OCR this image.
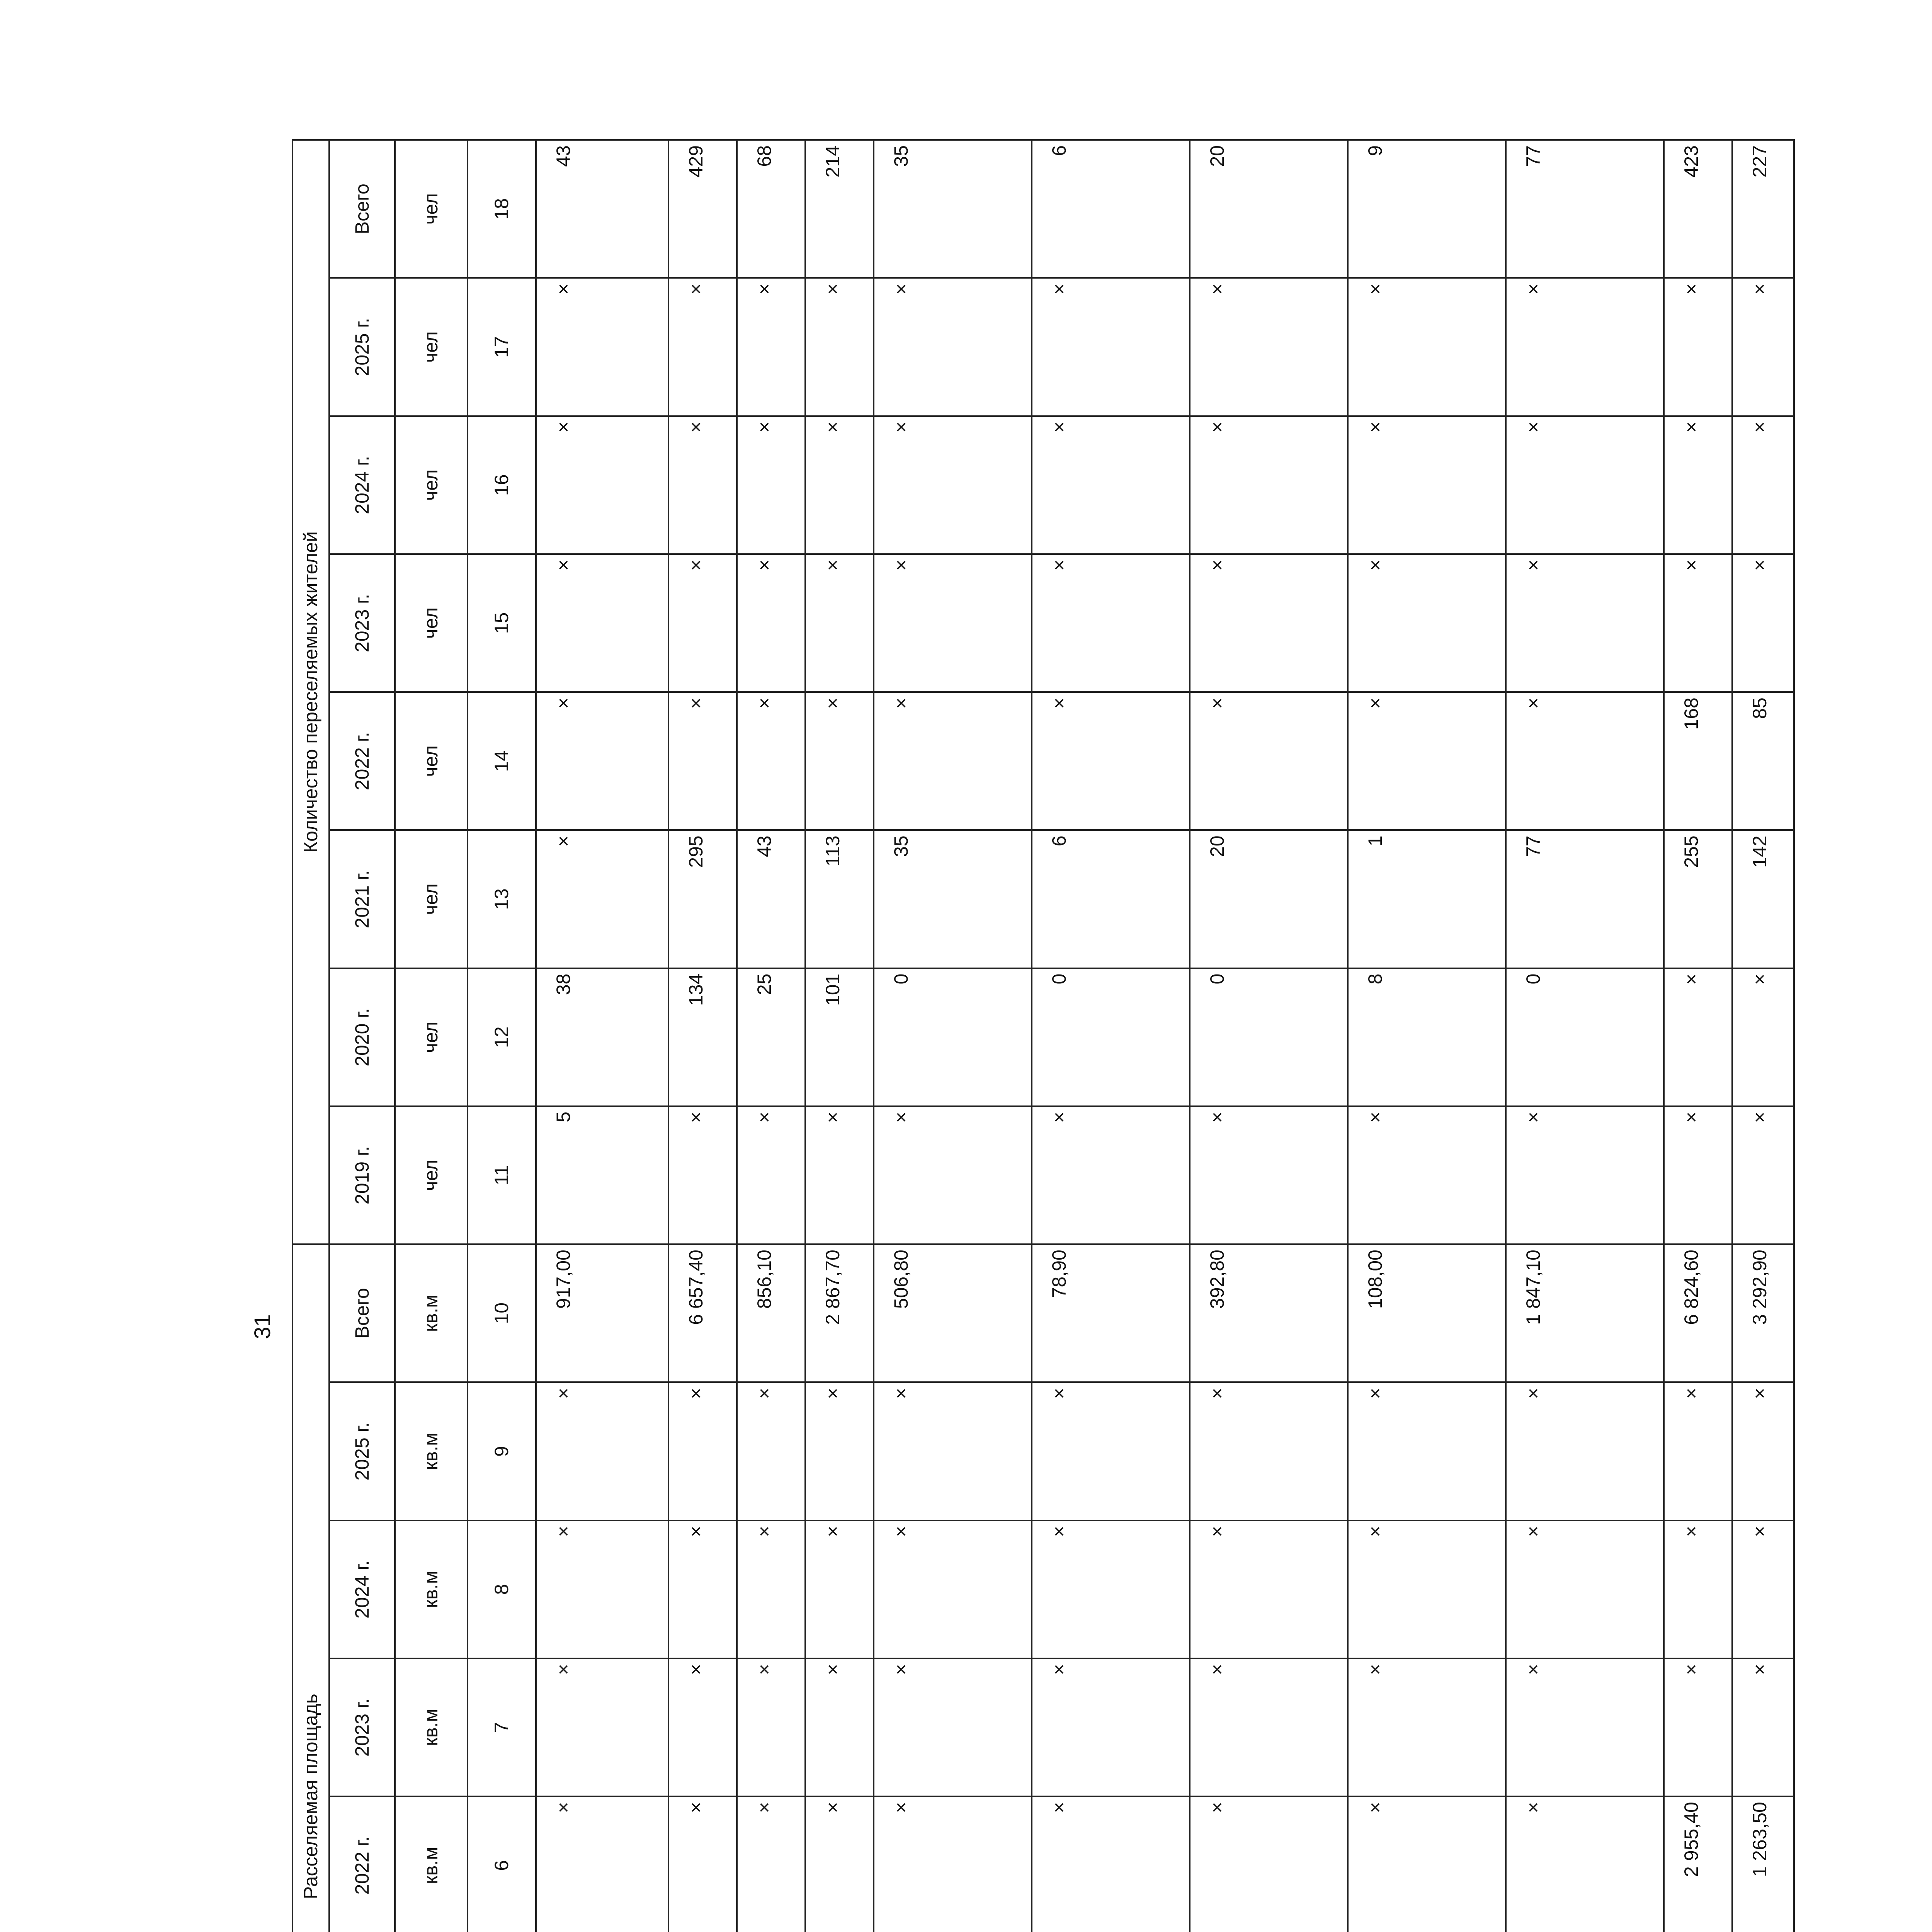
31
		Расселяемая площадь								Количество переселяемых жителей							
			2022 г.	2023 г.	2024 г.	2025 г.	Всего	2019 г.	2020 г.	2021 г.	2022 г.	2023 г.	2024 г.	2025 г.	Всего
					кв.м	кв.м	кв.м	кв.м	кв.м	чел	чел	чел	чел	чел	чел	чел	чел
					6	7	8	9	10	11	12	13	14	15	16	17	18
					×	×	×	×	917,00	5	38	×	×	×	×	×	43
					×	×	×	×	6 657,40	×	134	295	×	×	×	×	429
					×	×	×	×	856,10	×	25	43	×	×	×	×	68
					×	×	×	×	2 867,70	×	101	113	×	×	×	×	214
					×	×	×	×	506,80	×	0	35	×	×	×	×	35
					×	×	×	×	78,90	×	0	6	×	×	×	×	6
					×	×	×	×	392,80	×	0	20	×	×	×	×	20
					×	×	×	×	108,00	×	8	1	×	×	×	×	9
					×	×	×	×	1 847,10	×	0	77	×	×	×	×	77
					2 955,40	×	×	×	6 824,60	×	×	255	168	×	×	×	423
					1 263,50	×	×	×	3 292,90	×	×	142	85	×	×	×	227
